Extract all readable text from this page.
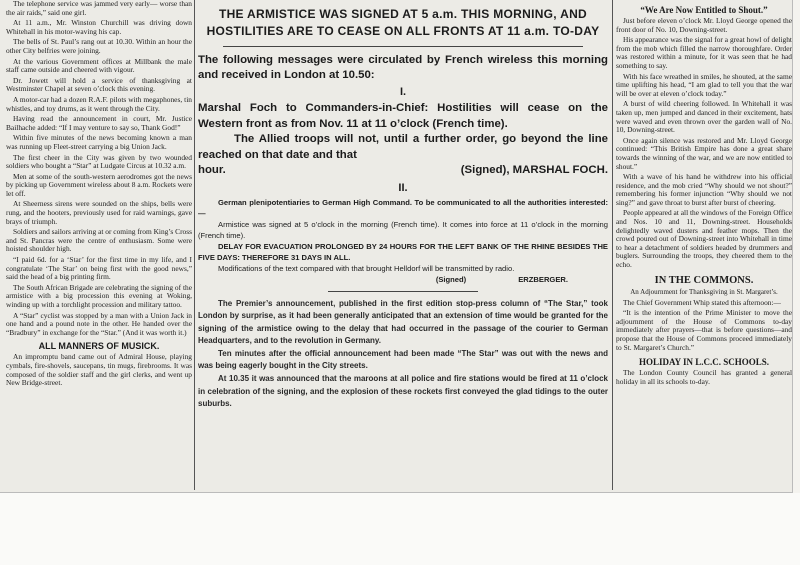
The telephone service was jammed very early— worse than the air raids,” said one girl.

At 11 a.m., Mr. Winston Churchill was driving down Whitehall in his motor-waving his cap.

The bells of St. Paul’s rang out at 10.30. Within an hour the other City belfries were joining.

At the various Government offices at Millbank the male staff came outside and cheered with vigour.

Dr. Jowett will hold a service of thanksgiving at Westminster Chapel at seven o’clock this evening.

A motor-car had a dozen R.A.F. pilots with megaphones, tin whistles, and toy drums, as it went through the City.

Having read the announcement in court, Mr. Justice Bailhache added: “If I may venture to say so, Thank God!”

Within five minutes of the news becoming known a man was running up Fleet-street carrying a big Union Jack.

The first cheer in the City was given by two wounded soldiers who bought a “Star” at Ludgate Circus at 10.32 a.m.

Men at some of the south-western aerodromes got the news by picking up Government wireless about 8 a.m. Rockets were let off.

At Sheerness sirens were sounded on the ships, bells were rung, and the hooters, previously used for raid warnings, gave brays of triumph.

Soldiers and sailors arriving at or coming from King’s Cross and St. Pancras were the centre of enthusiasm. Some were hoisted shoulder high.

“I paid 6d. for a ‘Star’ for the first time in my life, and I congratulate ‘The Star’ on being first with the good news,” said the head of a big printing firm.

The South African Brigade are celebrating the signing of the armistice with a big procession this evening at Woking, winding up with a torchlight procession and military tattoo.

A “Star” cyclist was stopped by a man with a Union Jack in one hand and a pound note in the other. He handed over the “Bradbury” in exchange for the “Star.” (And it was worth it.)

ALL MANNERS OF MUSICK.

An impromptu band came out of Admiral House, playing cymbals, fire-shovels, saucepans, tin mugs, firebrooms. It was composed of the soldier staff and the girl clerks, and went up New Bridge-street.

THE ARMISTICE WAS SIGNED AT 5 a.m. THIS MORNING, AND HOSTILITIES ARE TO CEASE ON ALL FRONTS AT 11 a.m. TO-DAY
The following messages were circulated by French wireless this morning and received in London at 10.50:
I.
Marshal Foch to Commanders-in-Chief: Hostilities will cease on the Western front as from Nov. 11 at 11 o’clock (French time).
The Allied troops will not, until a further order, go beyond the line reached on that date and that
hour.	(Signed), MARSHAL FOCH.
II.

German plenipotentiaries to German High Command. To be communicated to all the authorities interested:—

Armistice was signed at 5 o’clock in the morning (French time). It comes into force at 11 o’clock in the morning (French time).

DELAY FOR EVACUATION PROLONGED BY 24 HOURS FOR THE LEFT BANK OF THE RHINE BESIDES THE FIVE DAYS: THEREFORE 31 DAYS IN ALL.

Modifications of the text compared with that brought Helldorf will be transmitted by radio.

(Signed)	ERZBERGER.

The Premier’s announcement, published in the first edition stop-press column of “The Star,” took London by surprise, as it had been generally anticipated that an extension of time would be granted for the signing of the armistice owing to the delay that had occurred in the passage of the courier to German Headquarters, and to the revolution in Germany.

Ten minutes after the official announcement had been made “The Star” was out with the news and was being eagerly bought in the City streets.

At 10.35 it was announced that the maroons at all police and fire stations would be fired at 11 o’clock in celebration of the signing, and the explosion of these rockets first conveyed the glad tidings to the outer suburbs.

“We Are Now Entitled to Shout.”

Just before eleven o’clock Mr. Lloyd George opened the front door of No. 10, Downing-street.

His appearance was the signal for a great howl of delight from the mob which filled the narrow thoroughfare. Order was restored within a minute, for it was seen that he had something to say.

With his face wreathed in smiles, he shouted, at the same time uplifting his head, “I am glad to tell you that the war will be over at eleven o’clock today.”

A burst of wild cheering followed. In Whitehall it was taken up, men jumped and danced in their excitement, hats were waved and even thrown over the garden wall of No. 10, Downing-street.

Once again silence was restored and Mr. Lloyd George continued: “This British Empire has done a great share towards the winning of the war, and we are now entitled to shout.”

With a wave of his hand he withdrew into his official residence, and the mob cried “Why should we not shout?” remembering his former injunction “Why should we not sing?” and gave throat to burst after burst of cheering.

People appeared at all the windows of the Foreign Office and Nos. 10 and 11, Downing-street. Households delightedly waved dusters and feather mops. Then the crowd poured out of Downing-street into Whitehall in time to hear a detachment of soldiers headed by drummers and buglers. Surrounding the troops, they cheered them to the echo.

IN THE COMMONS.
An Adjournment for Thanksgiving in St. Margaret’s.

The Chief Government Whip stated this afternoon:—

“It is the intention of the Prime Minister to move the adjournment of the House of Commons to-day immediately after prayers—that is before questions—and propose that the House of Commons proceed immediately to St. Margaret’s Church.”

HOLIDAY IN L.C.C. SCHOOLS.

The London County Council has granted a general holiday in all its schools to-day.
